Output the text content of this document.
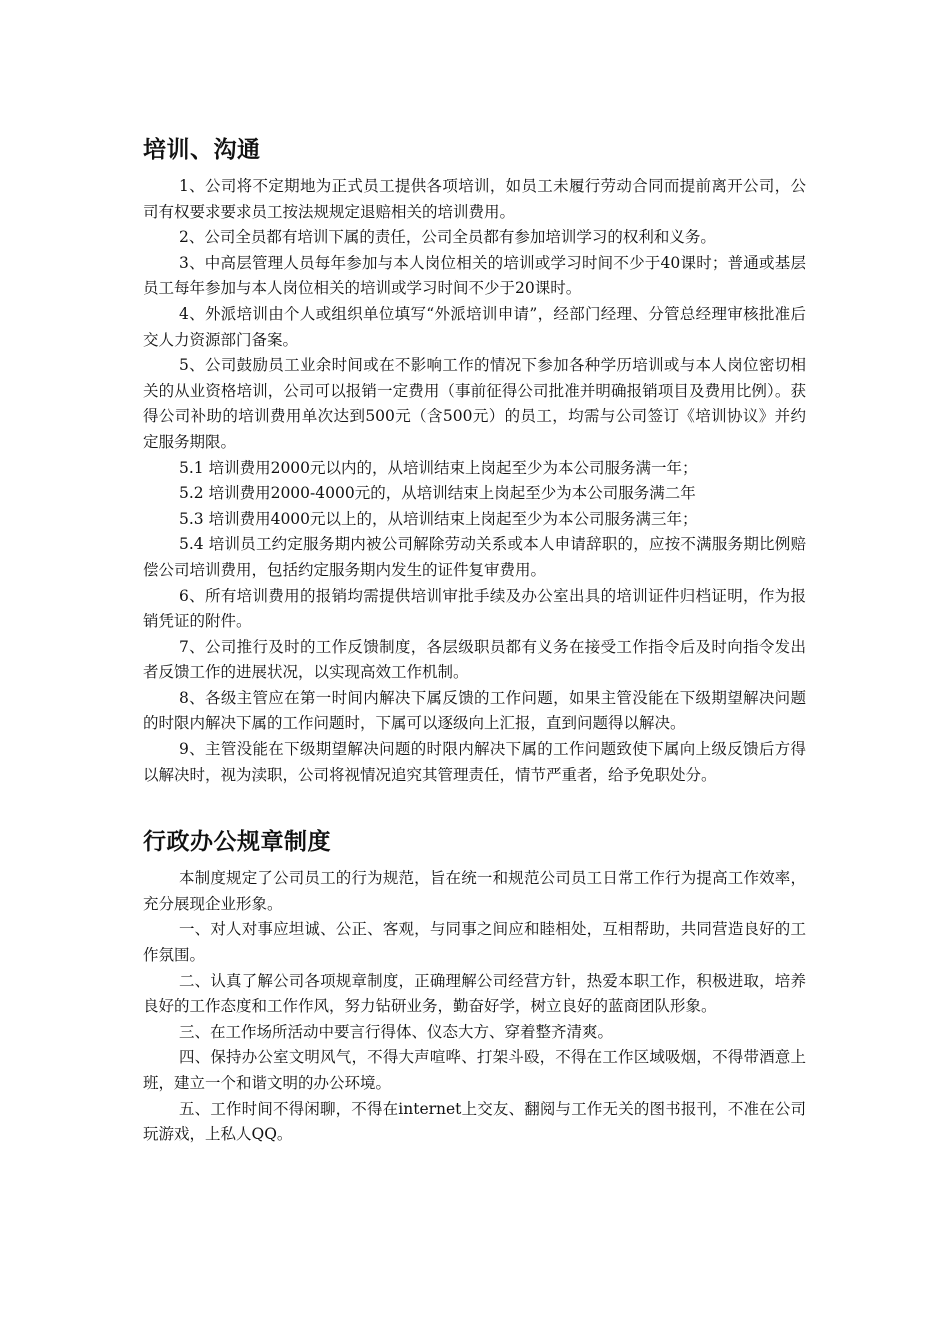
培训、沟通

1、公司将不定期地为正式员工提供各项培训，如员工未履行劳动合同而提前离开公司，公司有权要求要求员工按法规规定退赔相关的培训费用。

2、公司全员都有培训下属的责任，公司全员都有参加培训学习的权利和义务。

3、中高层管理人员每年参加与本人岗位相关的培训或学习时间不少于40课时；普通或基层员工每年参加与本人岗位相关的培训或学习时间不少于20课时。

4、外派培训由个人或组织单位填写“外派培训申请”，经部门经理、分管总经理审核批准后交人力资源部门备案。

5、公司鼓励员工业余时间或在不影响工作的情况下参加各种学历培训或与本人岗位密切相关的从业资格培训，公司可以报销一定费用（事前征得公司批准并明确报销项目及费用比例）。获得公司补助的培训费用单次达到500元（含500元）的员工，均需与公司签订《培训协议》并约定服务期限。

5.1 培训费用2000元以内的，从培训结束上岗起至少为本公司服务满一年；

5.2 培训费用2000-4000元的，从培训结束上岗起至少为本公司服务满二年

5.3 培训费用4000元以上的，从培训结束上岗起至少为本公司服务满三年；

5.4 培训员工约定服务期内被公司解除劳动关系或本人申请辞职的，应按不满服务期比例赔偿公司培训费用，包括约定服务期内发生的证件复审费用。

6、所有培训费用的报销均需提供培训审批手续及办公室出具的培训证件归档证明，作为报销凭证的附件。

7、公司推行及时的工作反馈制度，各层级职员都有义务在接受工作指令后及时向指令发出者反馈工作的进展状况，以实现高效工作机制。

8、各级主管应在第一时间内解决下属反馈的工作问题，如果主管没能在下级期望解决问题的时限内解决下属的工作问题时，下属可以逐级向上汇报，直到问题得以解决。

9、主管没能在下级期望解决问题的时限内解决下属的工作问题致使下属向上级反馈后方得以解决时，视为渎职，公司将视情况追究其管理责任，情节严重者，给予免职处分。

行政办公规章制度

本制度规定了公司员工的行为规范，旨在统一和规范公司员工日常工作行为提高工作效率，充分展现企业形象。

一、对人对事应坦诚、公正、客观，与同事之间应和睦相处，互相帮助，共同营造良好的工作氛围。

二、认真了解公司各项规章制度，正确理解公司经营方针，热爱本职工作，积极进取，培养良好的工作态度和工作作风，努力钻研业务，勤奋好学，树立良好的蓝商团队形象。

三、在工作场所活动中要言行得体、仪态大方、穿着整齐清爽。

四、保持办公室文明风气，不得大声喧哗、打架斗殴，不得在工作区域吸烟，不得带酒意上班，建立一个和谐文明的办公环境。

五、工作时间不得闲聊，不得在internet上交友、翻阅与工作无关的图书报刊，不准在公司玩游戏，上私人QQ。
